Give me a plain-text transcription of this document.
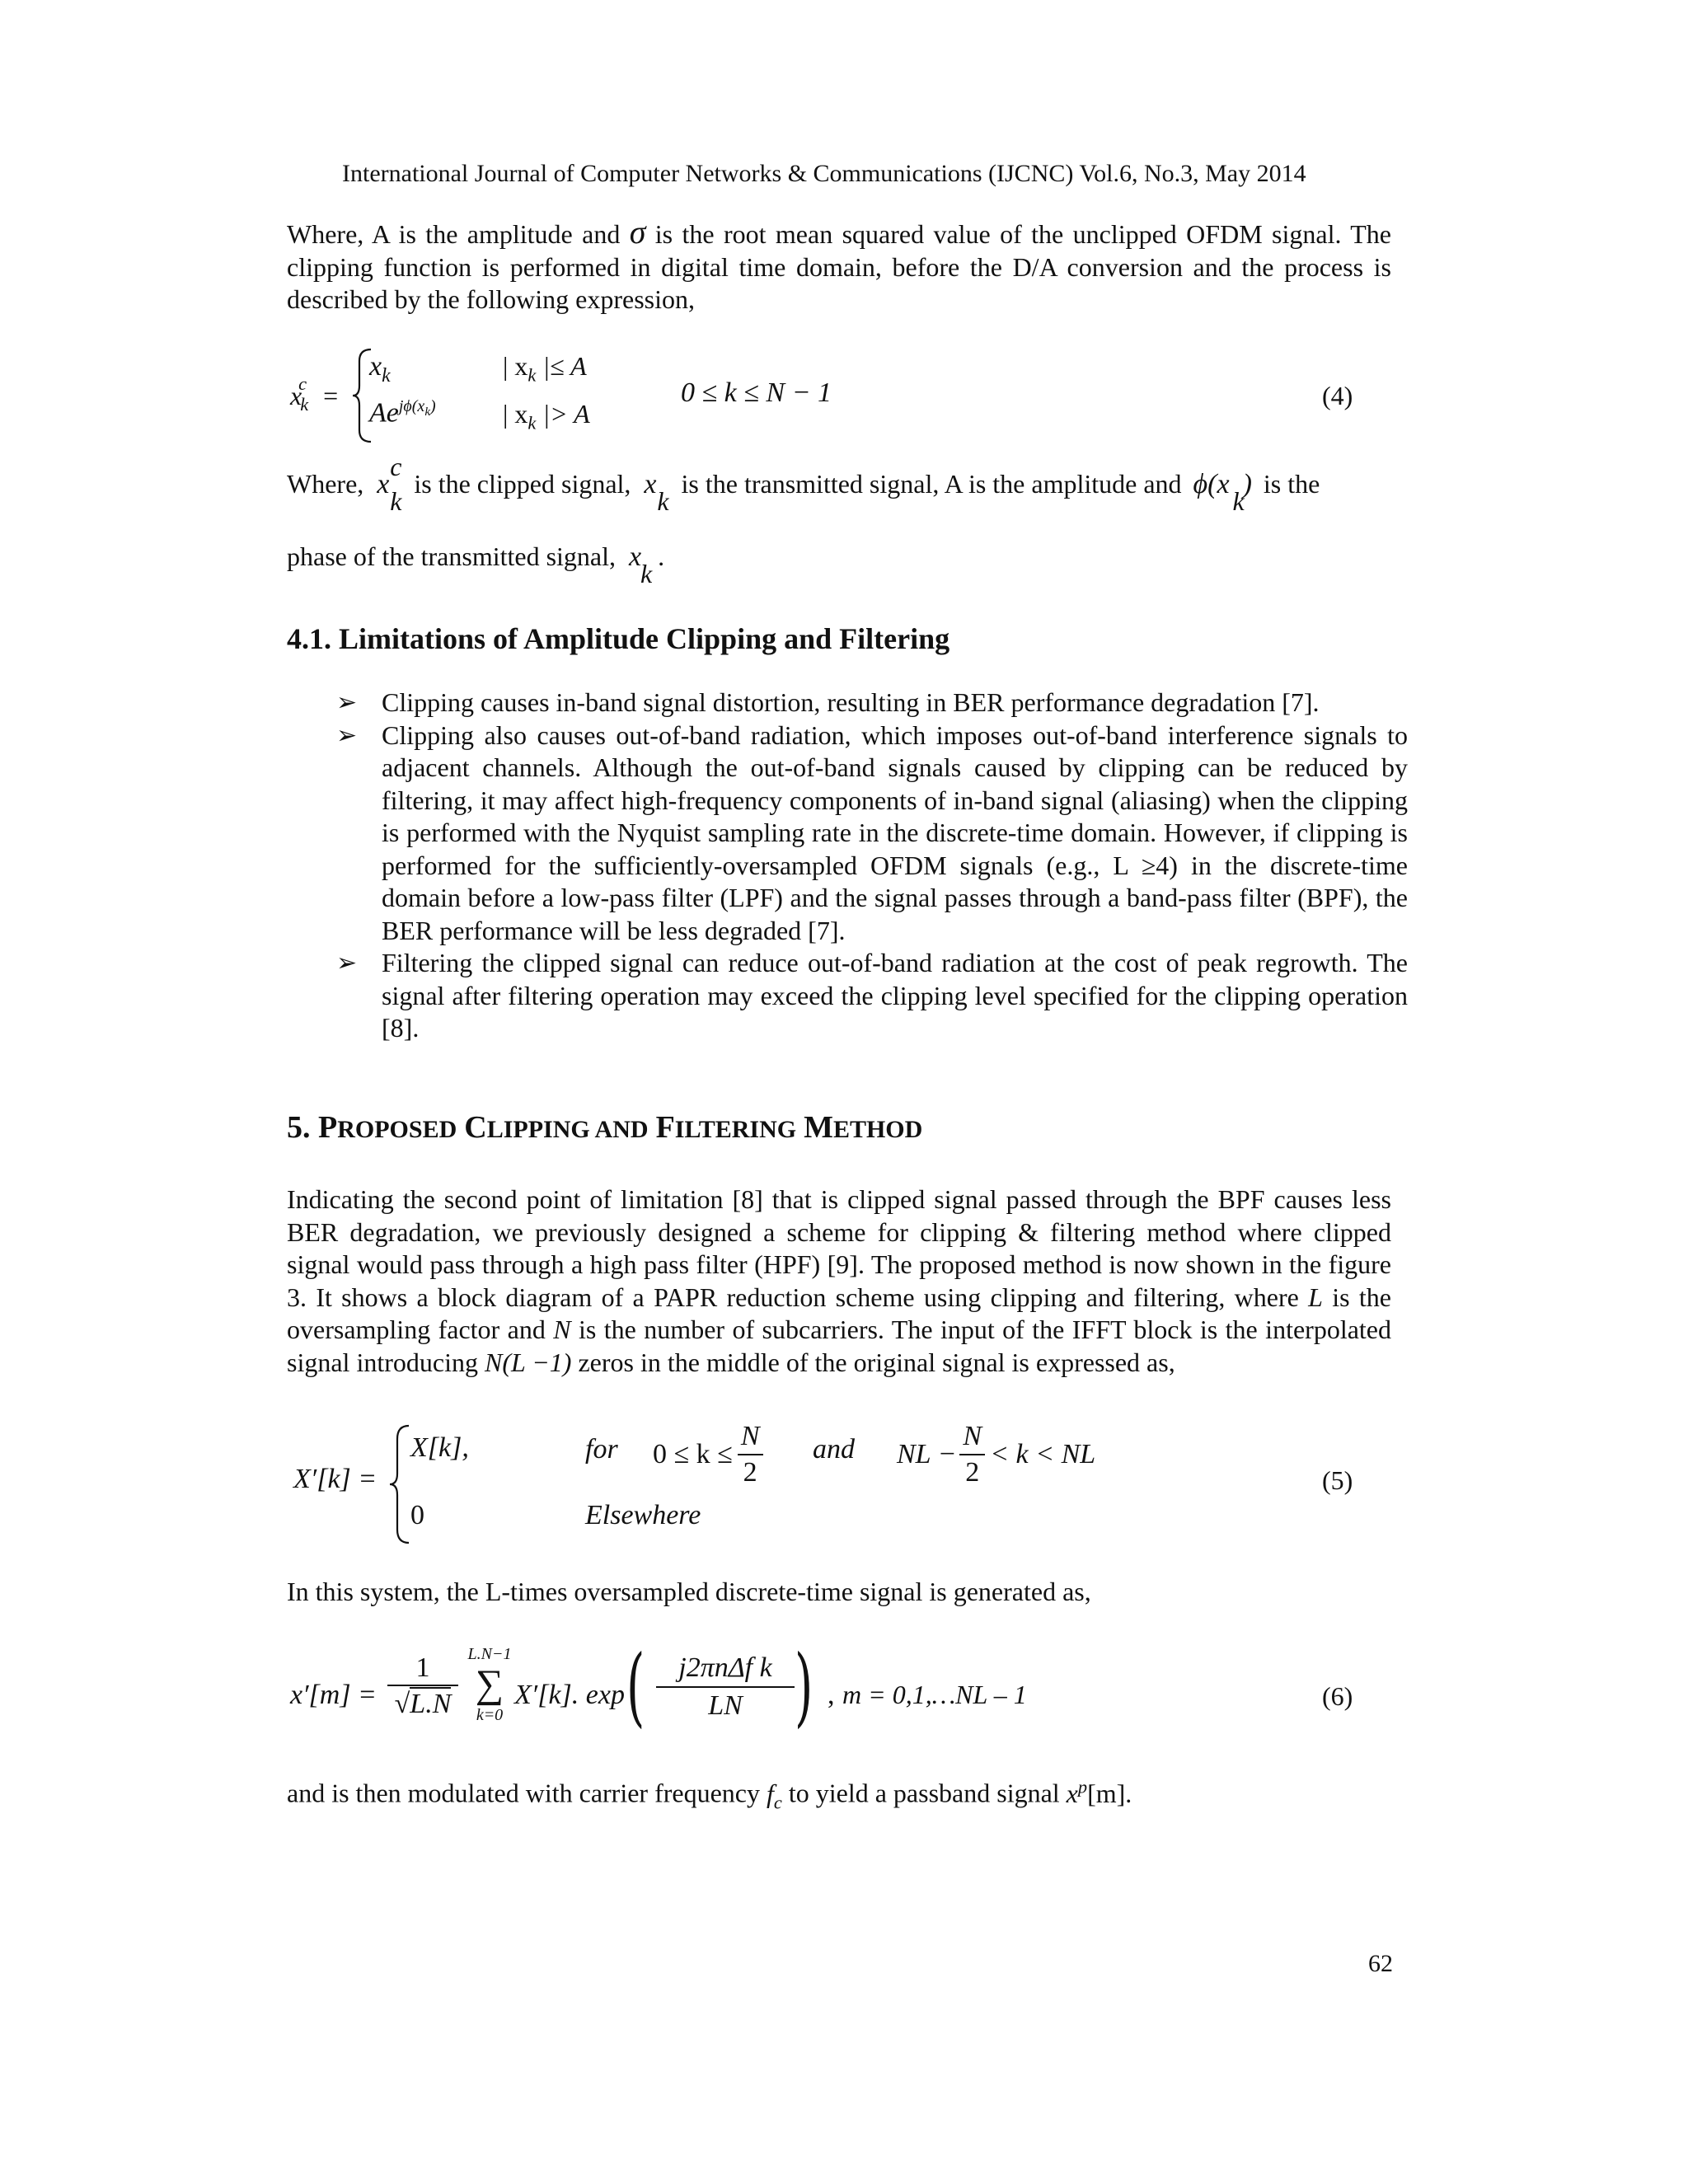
International Journal of Computer Networks & Communications (IJCNC) Vol.6, No.3, May 2014
Where, A is the amplitude and σ is the root mean squared value of the unclipped OFDM signal. The clipping function is performed in digital time domain, before the D/A conversion and the process is described by the following expression,
$x_k^c$ =
$x_k$	| $x_k$ |≤ A
$Ae^{j\phi(x_k)}$	| $x_k$ |> A
0 ≤ k ≤ N − 1	(4)
Where, x
c
k
is the clipped signal, x
k
is the transmitted signal, A is the amplitude and ϕ(x
k
) is the
phase of the transmitted signal, x
k
.
4.1. Limitations of Amplitude Clipping and Filtering
➢ Clipping causes in-band signal distortion, resulting in BER performance degradation [7].
➢ Clipping also causes out-of-band radiation, which imposes out-of-band interference signals to adjacent channels. Although the out-of-band signals caused by clipping can be reduced by filtering, it may affect high-frequency components of in-band signal (aliasing) when the clipping is performed with the Nyquist sampling rate in the discrete-time domain. However, if clipping is performed for the sufficiently-oversampled OFDM signals (e.g., L ≥4) in the discrete-time domain before a low-pass filter (LPF) and the signal passes through a band-pass filter (BPF), the BER performance will be less degraded [7].
➢ Filtering the clipped signal can reduce out-of-band radiation at the cost of peak regrowth. The signal after filtering operation may exceed the clipping level specified for the clipping operation [8].
5. PROPOSED CLIPPING AND FILTERING METHOD
Indicating the second point of limitation [8] that is clipped signal passed through the BPF causes less BER degradation, we previously designed a scheme for clipping & filtering method where clipped signal would pass through a high pass filter (HPF) [9]. The proposed method is now shown in the figure 3. It shows a block diagram of a PAPR reduction scheme using clipping and filtering, where L is the oversampling factor and N is the number of subcarriers. The input of the IFFT block is the interpolated signal introducing N(L −1) zeros in the middle of the original signal is expressed as,
X′[k] =
X[k],	for $0 \le k \le \frac{N}{2}$ and NL − $\frac{N}{2} < k$ < NL
0	Elsewhere
(5)
In this system, the L-times oversampled discrete-time signal is generated as,
x′[m] =
1
√L.N
L.N−1
∑
k=0
X′[k]. exp (	j2πnΔf k
LN ) , m = 0,1,…NL – 1	(6)
and is then modulated with carrier frequency $f_c$ to yield a passband signal $x^p[m]$.
62
